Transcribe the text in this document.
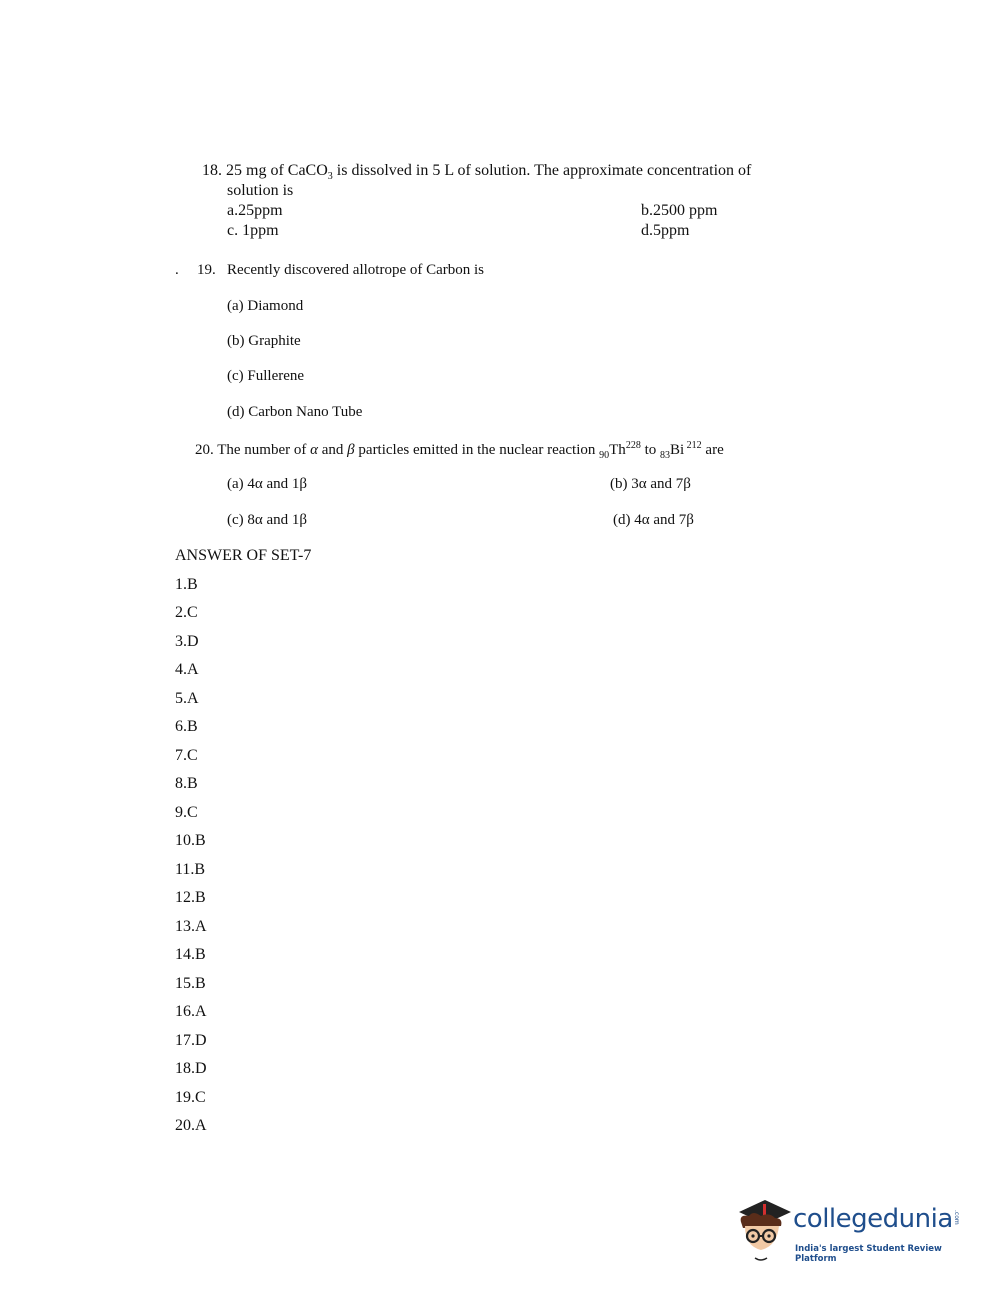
18. 25 mg of CaCO$_3$ is dissolved in 5 L of solution. The approximate concentration of
solution is
a.25ppm	b.2500 ppm
c. 1ppm	d.5ppm
. 19. Recently discovered allotrope of Carbon is
(a) Diamond
(b) Graphite
(c) Fullerene
(d) Carbon Nano Tube
20. The number of α and β particles emitted in the nuclear reaction $_{90}Th^{228}$ to $_{83}$Bi $^{212}$ are
(a) 4α and 1β	(b) 3α and 7β
(c) 8α and 1β	(d) 4α and 7β
ANSWER OF SET-7
1.B
2.C
3.D
4.A
5.A
6.B
7.C
8.B
9.C
10.B
11.B
12.B
13.A
14.B
15.B
16.A
17.D
18.D
19.C
20.A
collegedunia .com
India's largest Student Review Platform
